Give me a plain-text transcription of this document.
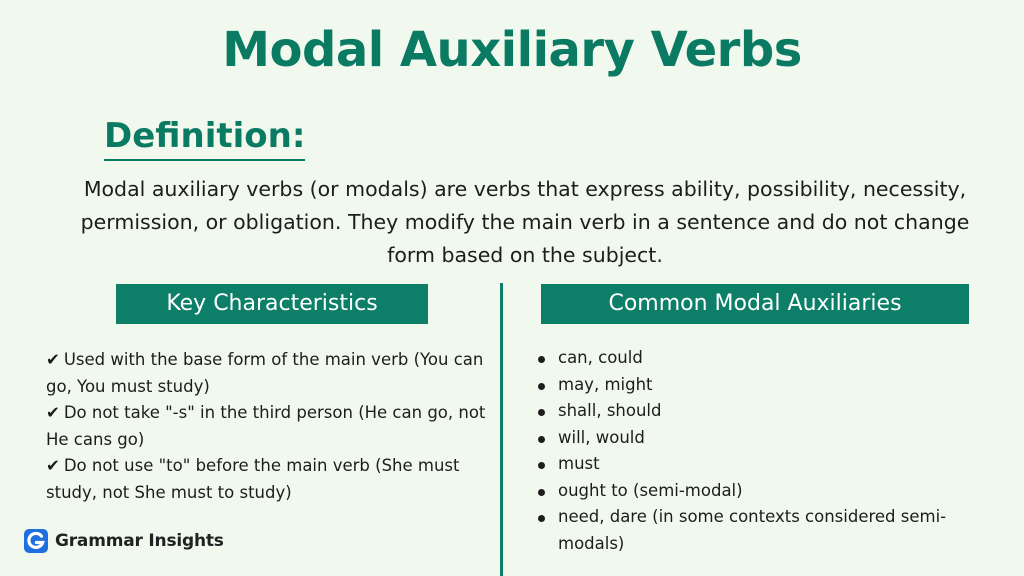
Modal Auxiliary Verbs
Definition:

Modal auxiliary verbs (or modals) are verbs that express ability, possibility, necessity, permission, or obligation. They modify the main verb in a sentence and do not change form based on the subject.

Key Characteristics	Common Modal Auxiliaries
✔ Used with the base form of the main verb (You can go, You must study)
✔ Do not take "-s" in the third person (He can go, not He cans go)
✔ Do not use "to" before the main verb (She must study, not She must to study)
can, could
may, might
shall, should
will, would
must
ought to (semi-modal)
need, dare (in some contexts considered semi-modals)
Grammar Insights
